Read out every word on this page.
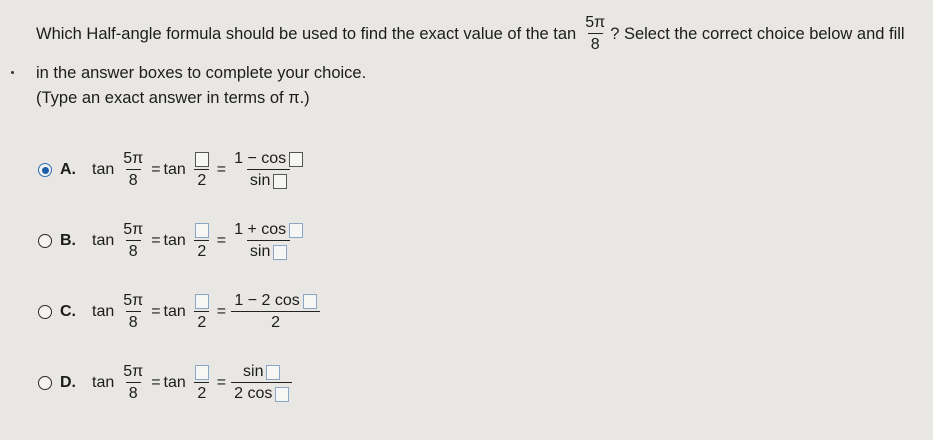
Which Half-angle formula should be used to find the exact value of the $\tan \frac{5\pi}{8}$ ? Select the correct choice below and fill
in the answer boxes to complete your choice.
(Type an exact answer in terms of π.)
A.	$\tan \frac{5\pi}{8} = \tan$
2
= $\frac{1 - \cos}{\sin}$
B.	$\tan \frac{5\pi}{8} = \tan$
2
= $\frac{1 + \cos}{\sin}$
C.	$\tan \frac{5\pi}{8} = \tan$
2
= $\frac{1 - 2 \cos}{2}$
D.	$\tan \frac{5\pi}{8} = \tan$
2
= $\frac{\sin}{2 \cos}$
